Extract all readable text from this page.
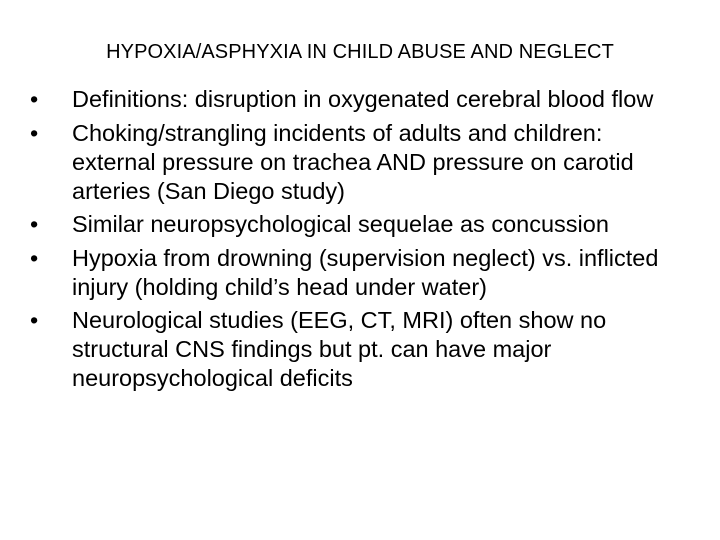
HYPOXIA/ASPHYXIA IN CHILD ABUSE AND NEGLECT
•	Definitions: disruption in oxygenated cerebral blood flow
•	Choking/strangling incidents of adults and children: external pressure on trachea AND pressure on carotid arteries (San Diego study)
•	Similar neuropsychological sequelae as concussion
•	Hypoxia from drowning (supervision neglect) vs. inflicted injury (holding child’s head under water)
•	Neurological studies (EEG, CT, MRI) often show no structural CNS findings but pt. can have major neuropsychological deficits
